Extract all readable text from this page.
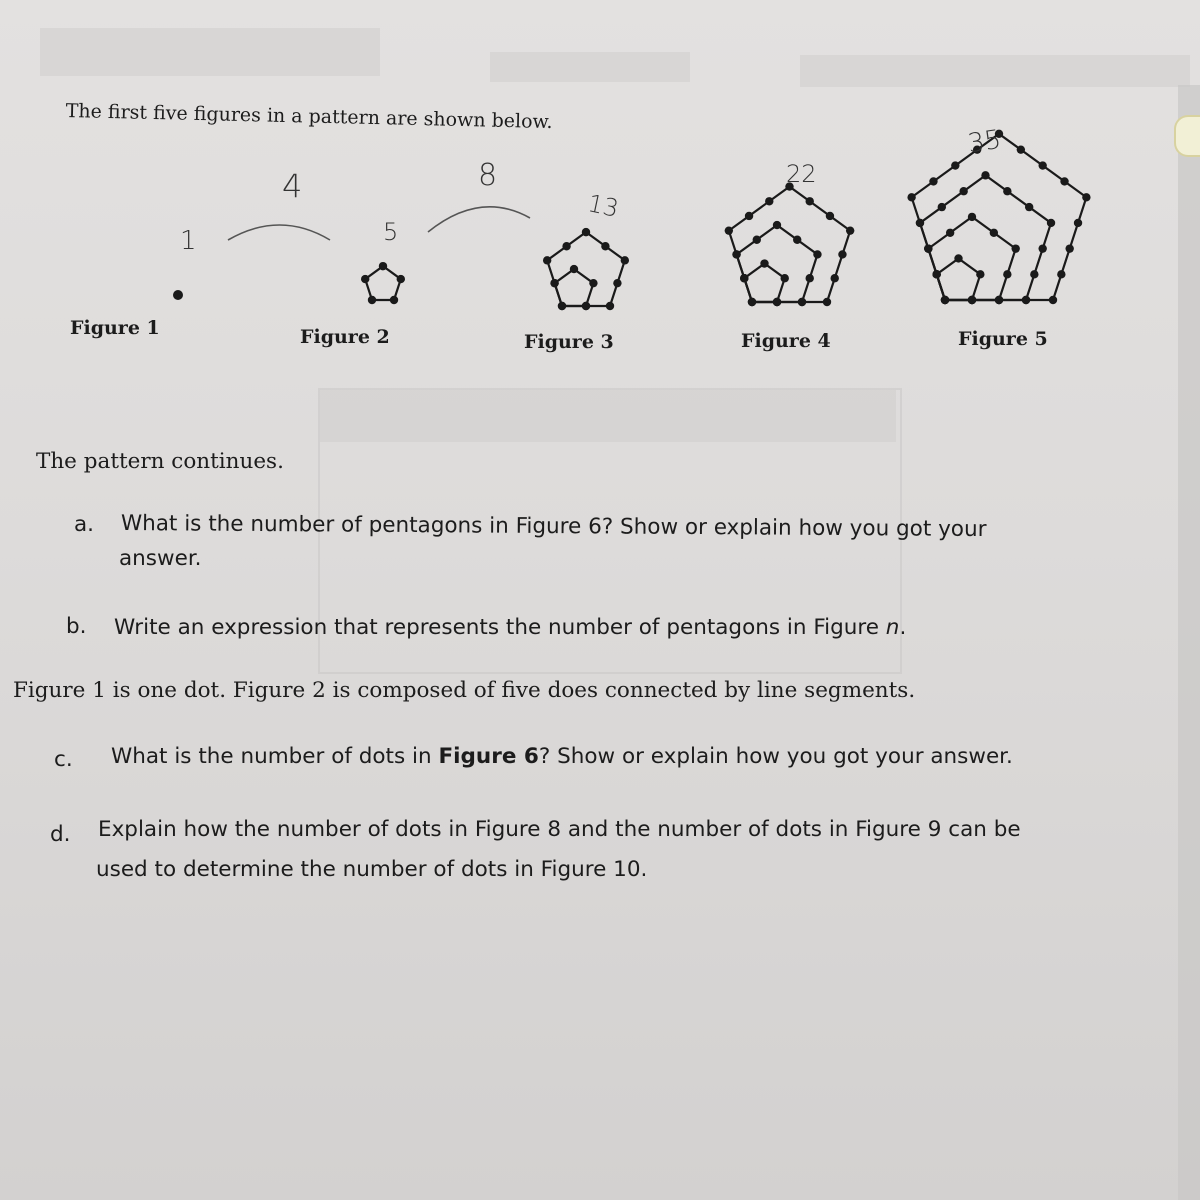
The first five figures in a pattern are shown below.
Figure 1	Figure 2	Figure 3	Figure 4	Figure 5
1	5
13
22
35
4	8
The pattern continues.
a. What is the number of pentagons in Figure 6? Show or explain how you got your
answer.
b. Write an expression that represents the number of pentagons in Figure n.
Figure 1 is one dot. Figure 2 is composed of five does connected by line segments.
c. What is the number of dots in Figure 6? Show or explain how you got your answer.
d. Explain how the number of dots in Figure 8 and the number of dots in Figure 9 can be
used to determine the number of dots in Figure 10.
